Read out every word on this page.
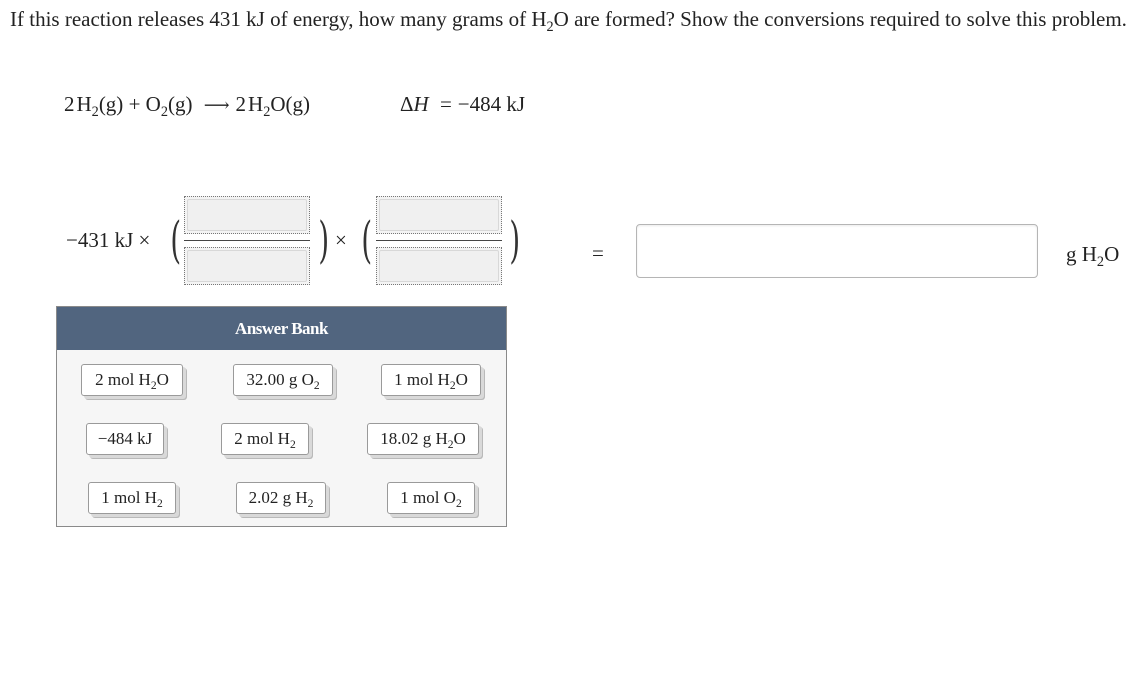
If this reaction releases 431 kJ of energy, how many grams of $H_2O$ are formed? Show the conversions required to solve this problem.

$2H_2(g) + O_2(g)$ ⟶ $2H_2O(g)$	ΔH = −484 kJ
−431 kJ × (	) × (	)	=	g $H_2O$
Answer Bank
2 mol $H_2O$	32.00 g $O_2$	1 mol $H_2O$
−484 kJ	2 mol $H_2$	18.02 g $H_2O$
1 mol $H_2$	2.02 g $H_2$	1 mol $O_2$
